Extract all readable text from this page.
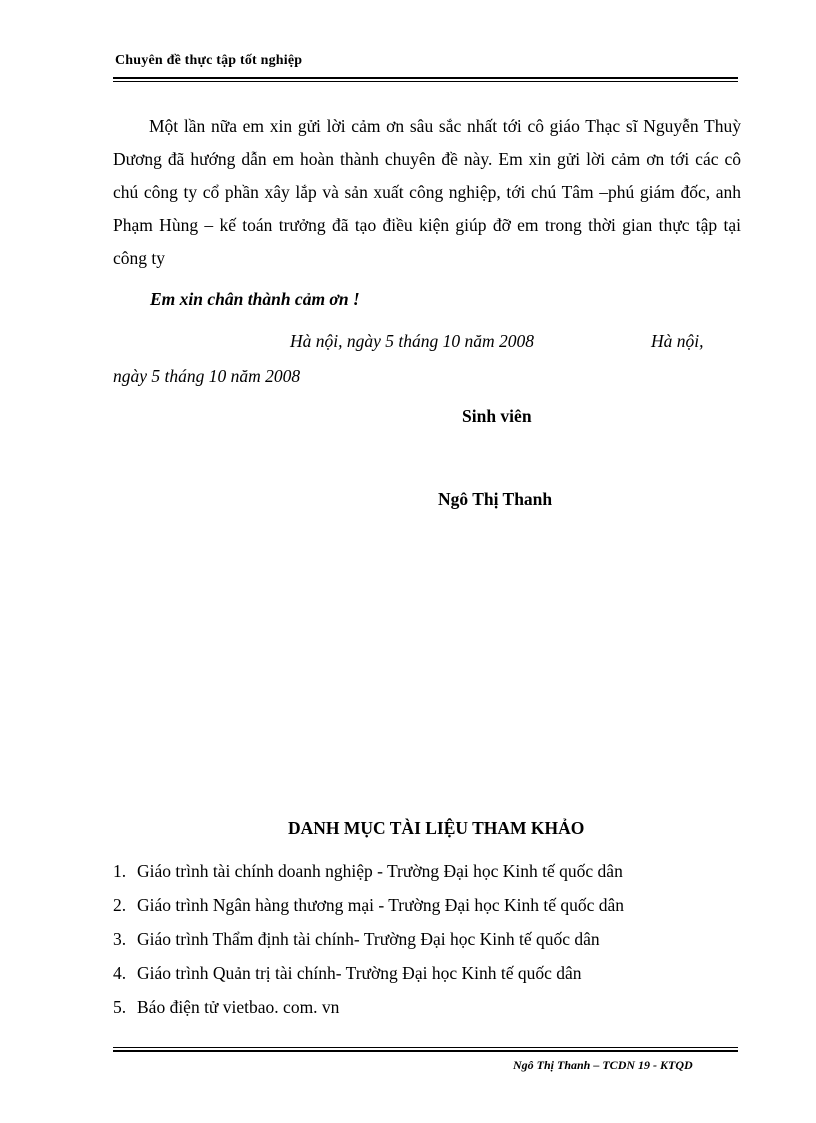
Chuyên đề thực tập tốt nghiệp

Một lần nữa em xin gửi lời cảm ơn sâu sắc nhất tới cô giáo Thạc sĩ Nguyễn Thuỳ Dương đã hướng dẫn em hoàn thành chuyên đề này. Em xin gửi lời cảm ơn tới các cô chú công ty cổ phần xây lắp và sản xuất công nghiệp, tới chú Tâm –phú giám đốc, anh Phạm Hùng – kế toán trưởng đã tạo điều kiện giúp đỡ em trong thời gian thực tập tại công ty

Em xin chân thành cảm ơn !
Hà nội, ngày 5 tháng 10 năm 2008	Hà nội,
ngày 5 tháng 10 năm 2008
Sinh viên
Ngô Thị Thanh
DANH MỤC TÀI LIỆU THAM KHẢO
1. Giáo trình tài chính doanh nghiệp - Trường Đại học Kinh tế quốc dân
2. Giáo trình Ngân hàng thương mại - Trường Đại học Kinh tế quốc dân
3. Giáo trình Thẩm định tài chính- Trường Đại học Kinh tế quốc dân
4. Giáo trình Quản trị tài chính- Trường Đại học Kinh tế quốc dân
5. Báo điện tử vietbao. com. vn
Ngô Thị Thanh – TCDN 19 - KTQD
